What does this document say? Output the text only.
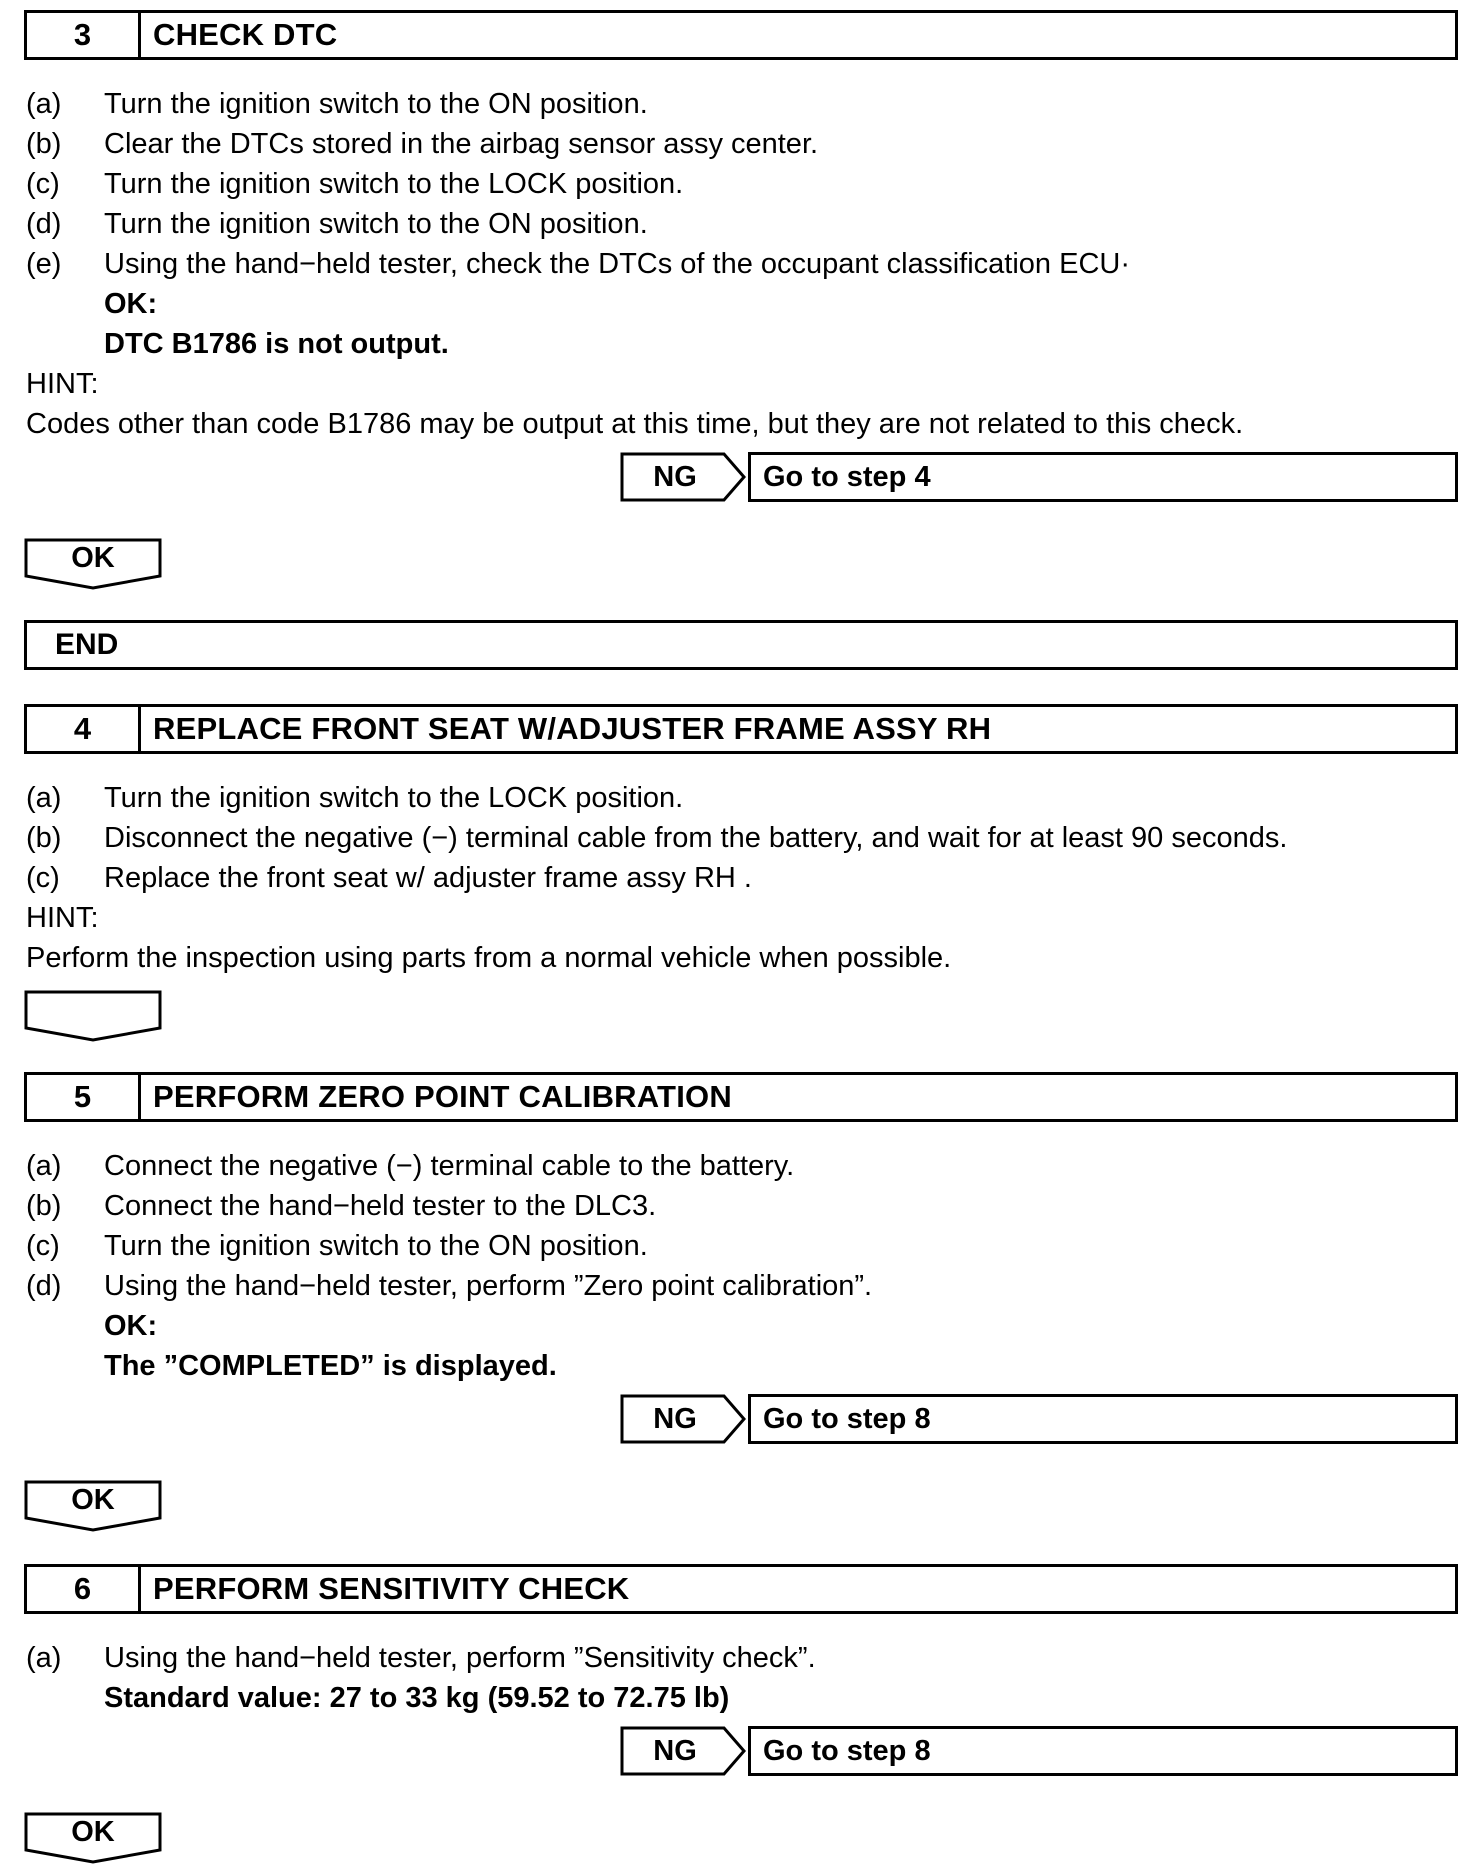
3	CHECK DTC
(a)	Turn the ignition switch to the ON position.
(b)	Clear the DTCs stored in the airbag sensor assy center.
(c)	Turn the ignition switch to the LOCK position.
(d)	Turn the ignition switch to the ON position.
(e)	Using the hand−held tester, check the DTCs of the occupant classification ECU·
OK:
DTC B1786 is not output.
HINT:
Codes other than code B1786 may be output at this time, but they are not related to this check.
NG	Go to step 4
OK
END
4	REPLACE FRONT SEAT W/ADJUSTER FRAME ASSY RH
(a)	Turn the ignition switch to the LOCK position.
(b)	Disconnect the negative (−) terminal cable from the battery, and wait for at least 90 seconds.
(c)	Replace the front seat w/ adjuster frame assy RH .
HINT:
Perform the inspection using parts from a normal vehicle when possible.
5	PERFORM ZERO POINT CALIBRATION
(a)	Connect the negative (−) terminal cable to the battery.
(b)	Connect the hand−held tester to the DLC3.
(c)	Turn the ignition switch to the ON position.
(d)	Using the hand−held tester, perform ”Zero point calibration”.
OK:
The ”COMPLETED” is displayed.
NG	Go to step 8
OK
6	PERFORM SENSITIVITY CHECK
(a)	Using the hand−held tester, perform ”Sensitivity check”.
Standard value: 27 to 33 kg (59.52 to 72.75 lb)
NG	Go to step 8
OK
